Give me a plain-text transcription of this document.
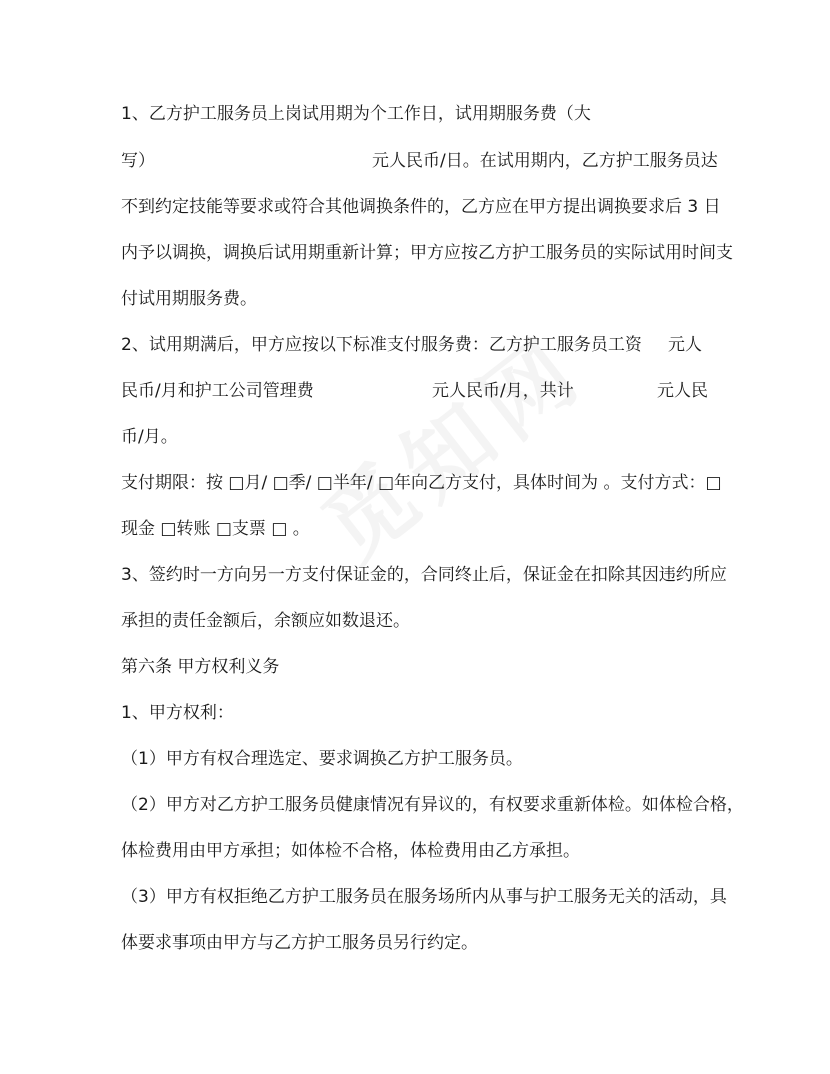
1、乙方护工服务员上岗试用期为个工作日，试用期服务费（大

写）	元人民币/日。在试用期内，乙方护工服务员达

不到约定技能等要求或符合其他调换条件的，乙方应在甲方提出调换要求后 3 日

内予以调换，调换后试用期重新计算；甲方应按乙方护工服务员的实际试用时间支

付试用期服务费。

2、试用期满后，甲方应按以下标准支付服务费：乙方护工服务员工资 元人

民币/月和护工公司管理费	元人民币/月，共计	元人民

币/月。

支付期限：按 □月/ □季/ □半年/ □年向乙方支付，具体时间为 。支付方式：□

现金 □转账 □支票 □ 。

3、签约时一方向另一方支付保证金的，合同终止后，保证金在扣除其因违约所应

承担的责任金额后，余额应如数退还。

第六条 甲方权利义务

1、甲方权利：

（1）甲方有权合理选定、要求调换乙方护工服务员。

（2）甲方对乙方护工服务员健康情况有异议的，有权要求重新体检。如体检合格，

体检费用由甲方承担；如体检不合格，体检费用由乙方承担。

（3）甲方有权拒绝乙方护工服务员在服务场所内从事与护工服务无关的活动，具

体要求事项由甲方与乙方护工服务员另行约定。
